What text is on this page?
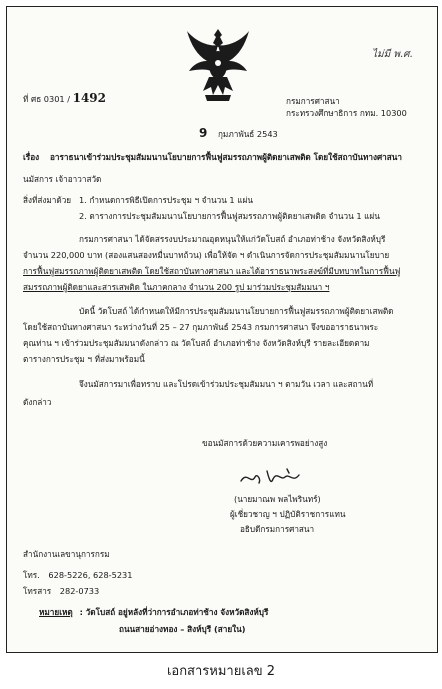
ไม่มี พ.ศ.
ที่ ศธ 0301 / 1492	กรมการศาสนา
กระทรวงศึกษาธิการ กทม. 10300
9 กุมภาพันธ์ 2543
เรื่อง อาราธนาเข้าร่วมประชุมสัมมนานโยบายการฟื้นฟูสมรรถภาพผู้ติดยาเสพติด โดยใช้สถาบันทางศาสนา
นมัสการ เจ้าอาวาสวัด
สิ่งที่ส่งมาด้วย 1. กำหนดการพิธีเปิดการประชุม ฯ จำนวน 1 แผ่น
2. ตารางการประชุมสัมมนานโยบายการฟื้นฟูสมรรถภาพผู้ติดยาเสพติด จำนวน 1 แผ่น
กรมการศาสนา ได้จัดสรรงบประมาณอุดหนุนให้แก่วัดโบสถ์ อำเภอท่าช้าง จังหวัดสิงห์บุรี
จำนวน 220,000 บาท (สองแสนสองหมื่นบาทถ้วน) เพื่อให้จัด ฯ ดำเนินการจัดการประชุมสัมมนานโยบาย
การฟื้นฟูสมรรถภาพผู้ติดยาเสพติด โดยใช้สถาบันทางศาสนา และได้อาราธนาพระสงฆ์ที่มีบทบาทในการฟื้นฟู
สมรรถภาพผู้ติดยาและสารเสพติด ในภาคกลาง จำนวน 200 รูป มาร่วมประชุมสัมมนา ฯ
บัดนี้ วัดโบสถ์ ได้กำหนดให้มีการประชุมสัมมนานโยบายการฟื้นฟูสมรรถภาพผู้ติดยาเสพติด
โดยใช้สถาบันทางศาสนา ระหว่างวันที่ 25 – 27 กุมภาพันธ์ 2543 กรมการศาสนา จึงขออาราธนาพระ
คุณท่าน ฯ เข้าร่วมประชุมสัมมนาดังกล่าว ณ วัดโบสถ์ อำเภอท่าช้าง จังหวัดสิงห์บุรี รายละเอียดตาม
ตารางการประชุม ฯ ที่ส่งมาพร้อมนี้
จึงนมัสการมาเพื่อทราบ และโปรดเข้าร่วมประชุมสัมมนา ฯ ตามวัน เวลา และสถานที่
ดังกล่าว
ขอนมัสการด้วยความเคารพอย่างสูง
(นายมาณพ พลไพรินทร์)
ผู้เชี่ยวชาญ ฯ ปฏิบัติราชการแทน
อธิบดีกรมการศาสนา
สำนักงานเลขานุการกรม
โทร. 628-5226, 628-5231
โทรสาร 282-0733
หมายเหตุ : วัดโบสถ์ อยู่หลังที่ว่าการอำเภอท่าช้าง จังหวัดสิงห์บุรี
ถนนสายอ่างทอง – สิงห์บุรี (สายใน)
เอกสารหมายเลข 2
